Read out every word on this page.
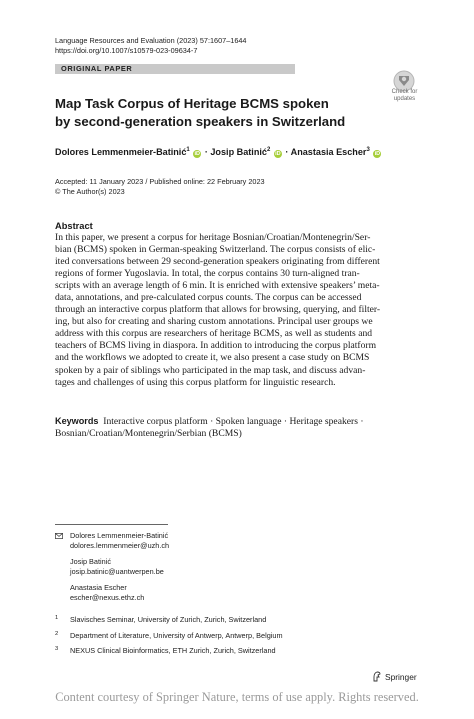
Language Resources and Evaluation (2023) 57:1607–1644
https://doi.org/10.1007/s10579-023-09634-7
ORIGINAL PAPER
Check for
updates
Map Task Corpus of Heritage BCMS spoken
by second-generation speakers in Switzerland
Dolores Lemmenmeier-Batinić$^1$ iD · Josip Batinić$^2$ iD · Anastasia Escher$^3$ iD
Accepted: 11 January 2023 / Published online: 22 February 2023
© The Author(s) 2023
Abstract
In this paper, we present a corpus for heritage Bosnian/Croatian/Montenegrin/Ser-
bian (BCMS) spoken in German-speaking Switzerland. The corpus consists of elic-
ited conversations between 29 second-generation speakers originating from different
regions of former Yugoslavia. In total, the corpus contains 30 turn-aligned tran-
scripts with an average length of 6 min. It is enriched with extensive speakers’ meta-
data, annotations, and pre-calculated corpus counts. The corpus can be accessed
through an interactive corpus platform that allows for browsing, querying, and filter-
ing, but also for creating and sharing custom annotations. Principal user groups we
address with this corpus are researchers of heritage BCMS, as well as students and
teachers of BCMS living in diaspora. In addition to introducing the corpus platform
and the workflows we adopted to create it, we also present a case study on BCMS
spoken by a pair of siblings who participated in the map task, and discuss advan-
tages and challenges of using this corpus platform for linguistic research.
Keywords Interactive corpus platform · Spoken language · Heritage speakers ·
Bosnian/Croatian/Montenegrin/Serbian (BCMS)
Dolores Lemmenmeier-Batinić
dolores.lemmenmeier@uzh.ch
Josip Batinić
josip.batinic@uantwerpen.be
Anastasia Escher
escher@nexus.ethz.ch
1 Slavisches Seminar, University of Zurich, Zurich, Switzerland
2 Department of Literature, University of Antwerp, Antwerp, Belgium
3 NEXUS Clinical Bioinformatics, ETH Zurich, Zurich, Switzerland
Springer
Content courtesy of Springer Nature, terms of use apply. Rights reserved.
